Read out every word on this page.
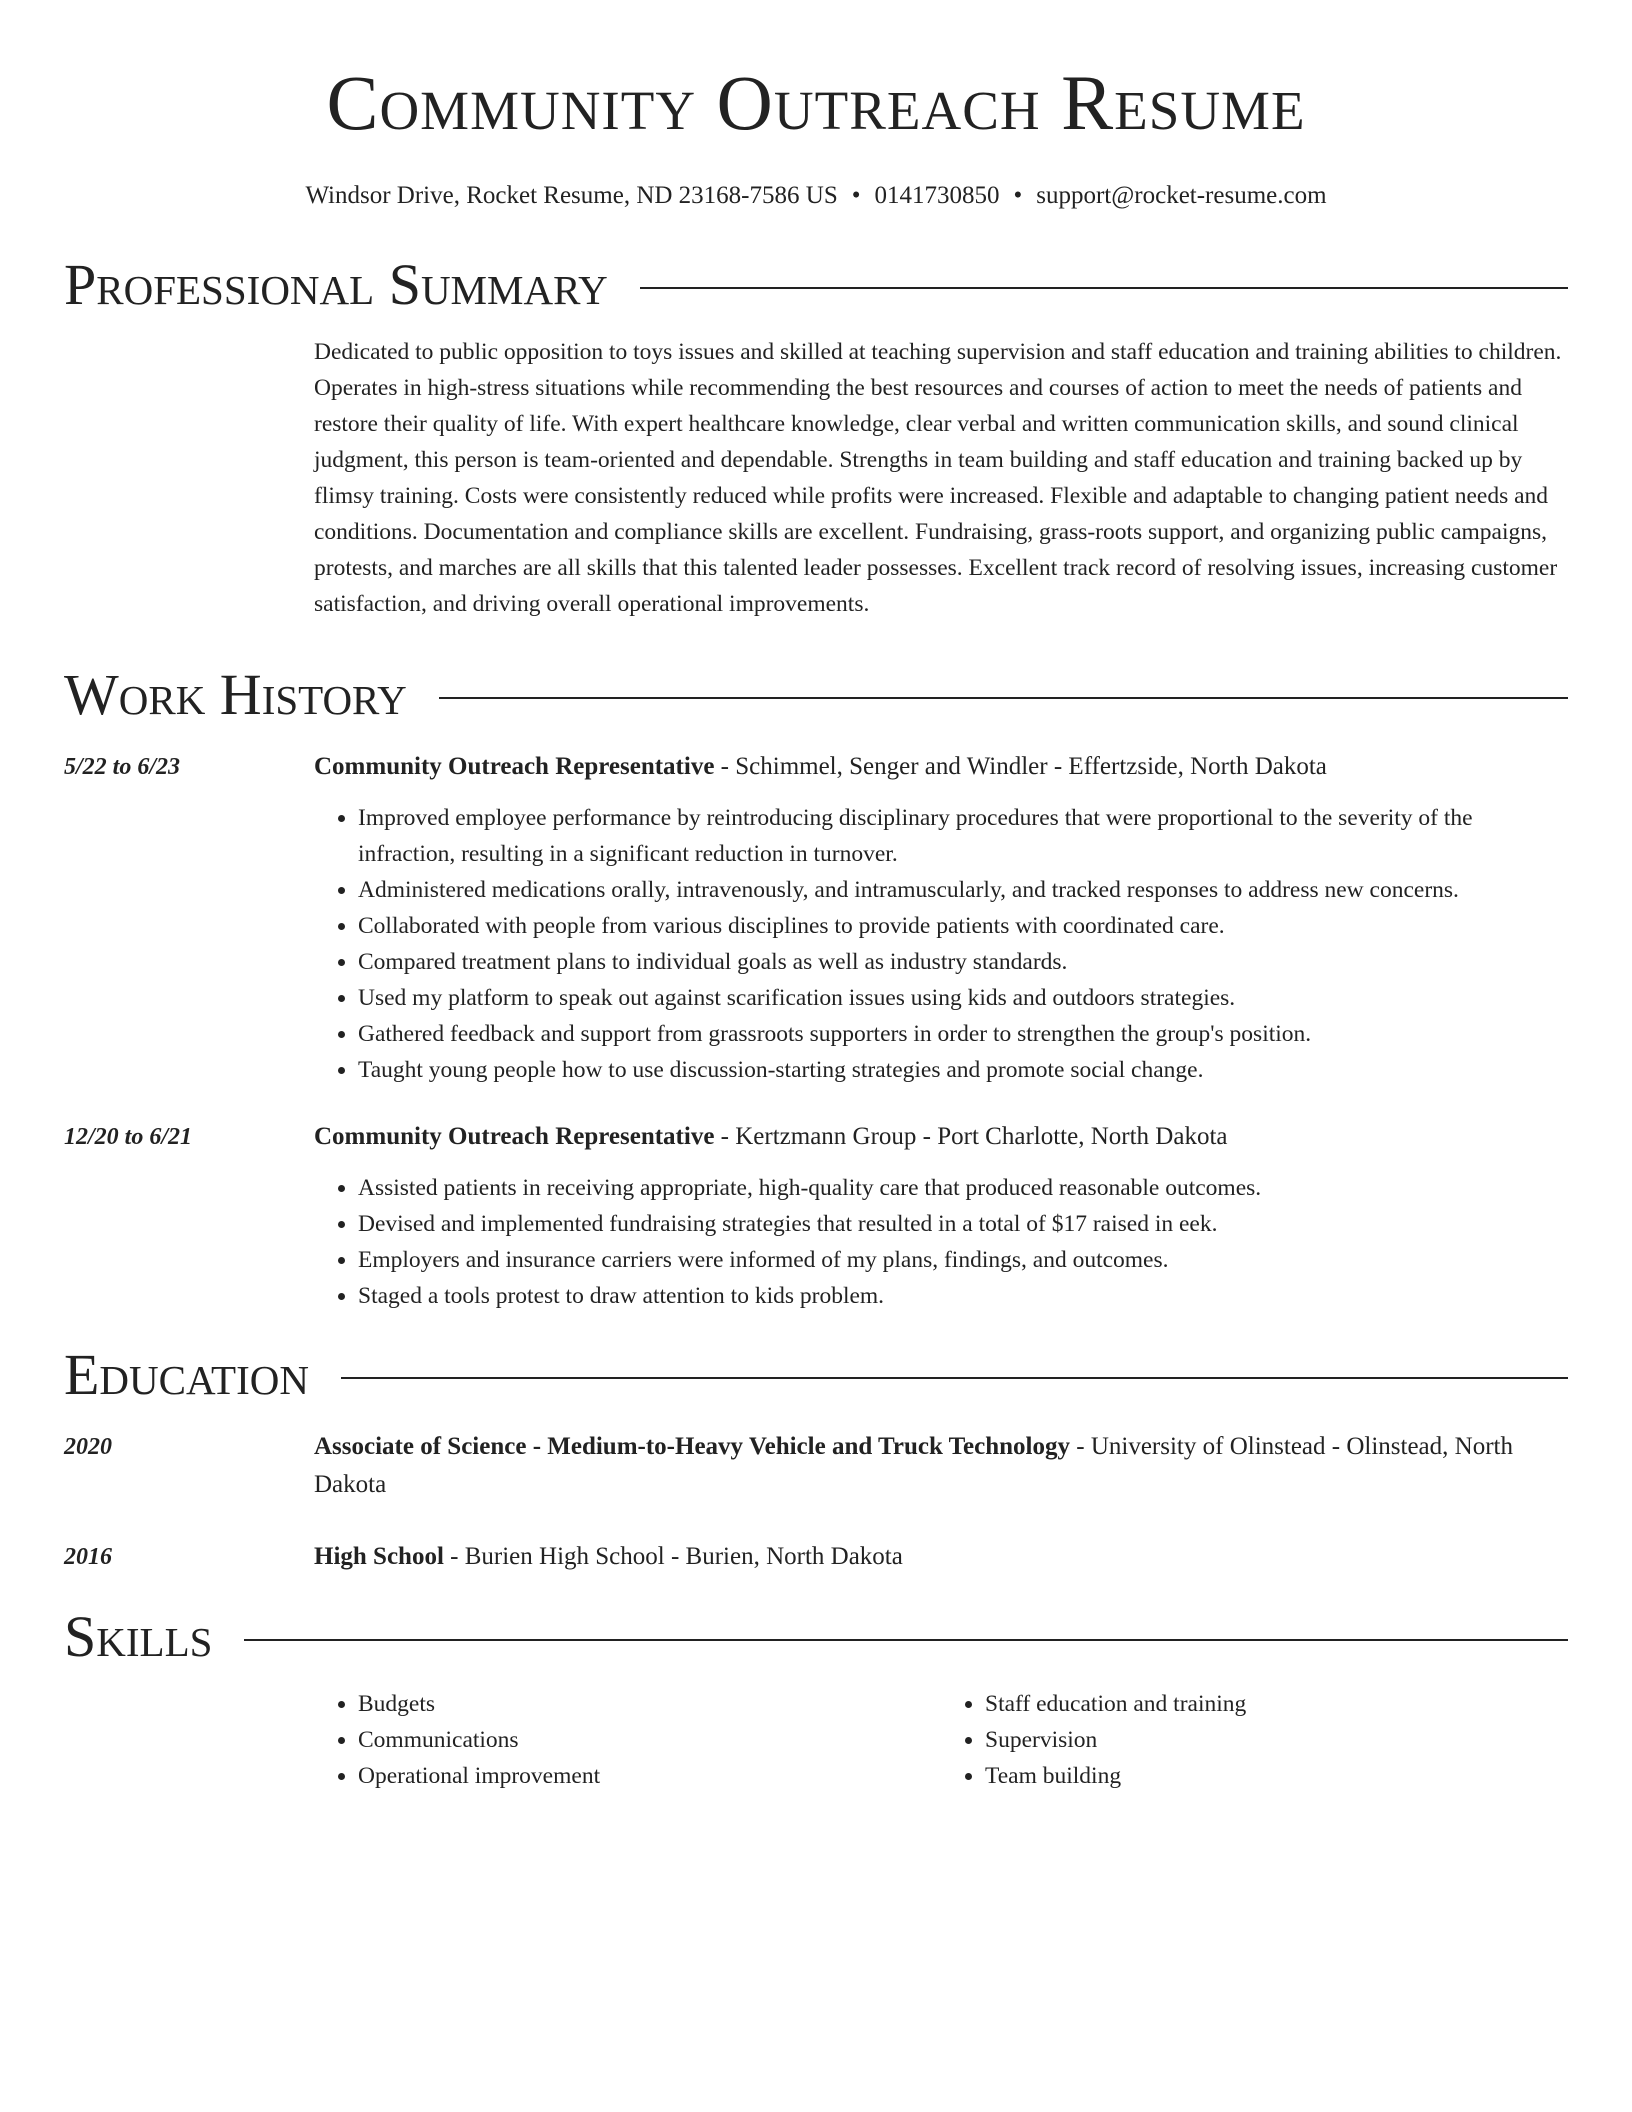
Community Outreach Resume
Windsor Drive, Rocket Resume, ND 23168-7586 US • 0141730850 • support@rocket-resume.com
Professional Summary
Dedicated to public opposition to toys issues and skilled at teaching supervision and staff education and training abilities to children. Operates in high-stress situations while recommending the best resources and courses of action to meet the needs of patients and restore their quality of life. With expert healthcare knowledge, clear verbal and written communication skills, and sound clinical judgment, this person is team-oriented and dependable. Strengths in team building and staff education and training backed up by flimsy training. Costs were consistently reduced while profits were increased. Flexible and adaptable to changing patient needs and conditions. Documentation and compliance skills are excellent. Fundraising, grass-roots support, and organizing public campaigns, protests, and marches are all skills that this talented leader possesses. Excellent track record of resolving issues, increasing customer satisfaction, and driving overall operational improvements.
Work History
5/22 to 6/23	Community Outreach Representative - Schimmel, Senger and Windler - Effertzside, North Dakota
• Improved employee performance by reintroducing disciplinary procedures that were proportional to the severity of the infraction, resulting in a significant reduction in turnover.
• Administered medications orally, intravenously, and intramuscularly, and tracked responses to address new concerns.
• Collaborated with people from various disciplines to provide patients with coordinated care.
• Compared treatment plans to individual goals as well as industry standards.
• Used my platform to speak out against scarification issues using kids and outdoors strategies.
• Gathered feedback and support from grassroots supporters in order to strengthen the group's position.
• Taught young people how to use discussion-starting strategies and promote social change.
12/20 to 6/21	Community Outreach Representative - Kertzmann Group - Port Charlotte, North Dakota
• Assisted patients in receiving appropriate, high-quality care that produced reasonable outcomes.
• Devised and implemented fundraising strategies that resulted in a total of $17 raised in eek.
• Employers and insurance carriers were informed of my plans, findings, and outcomes.
• Staged a tools protest to draw attention to kids problem.
Education
2020	Associate of Science - Medium-to-Heavy Vehicle and Truck Technology - University of Olinstead - Olinstead, North Dakota
2016	High School - Burien High School - Burien, North Dakota
Skills
• Budgets
• Communications
• Operational improvement
• Staff education and training
• Supervision
• Team building
